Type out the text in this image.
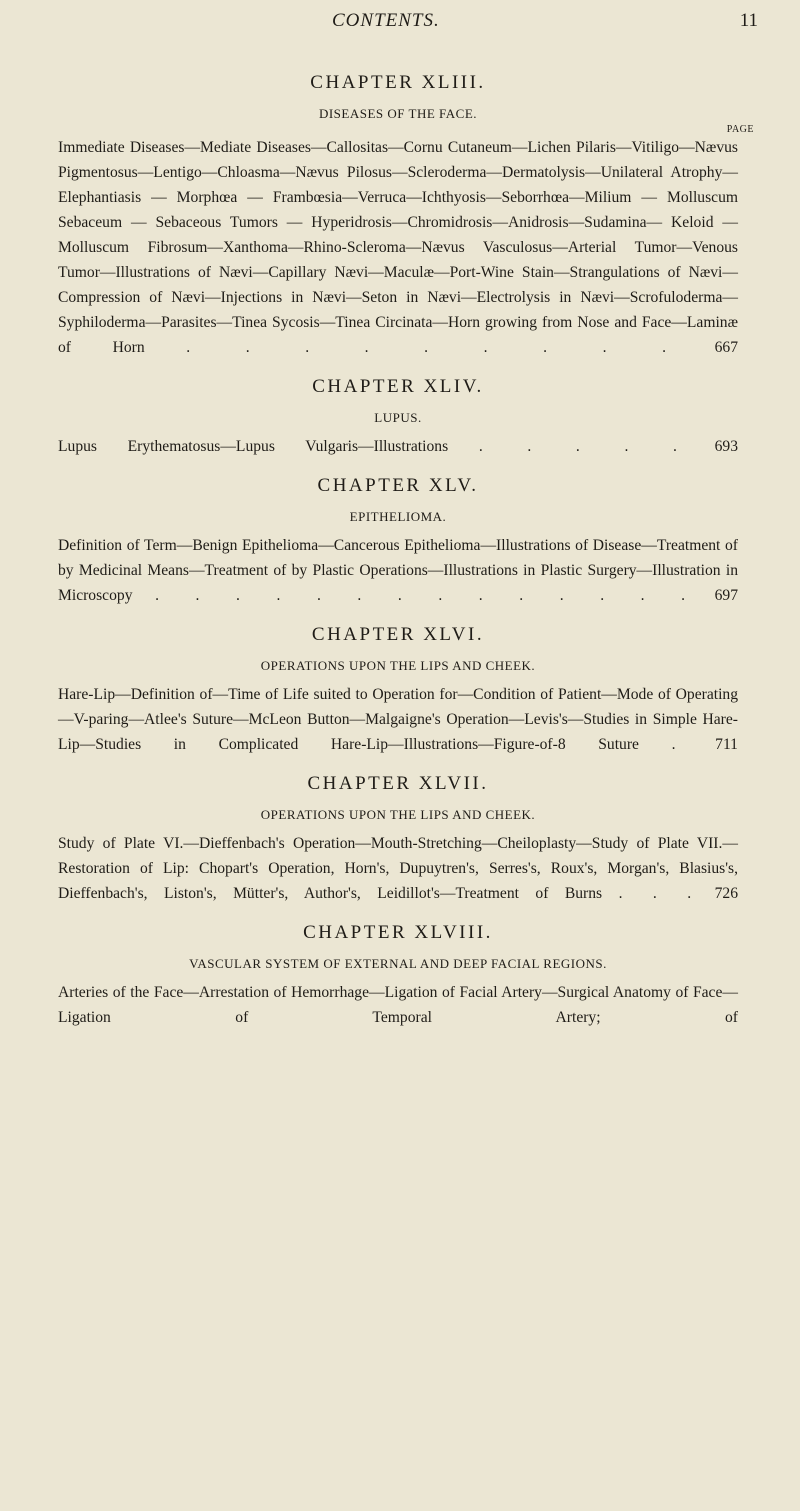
CONTENTS.	11
CHAPTER XLIII.
DISEASES OF THE FACE.
PAGE

Immediate Diseases—Mediate Diseases—Callositas—Cornu Cutaneum—Lichen Pilaris—Vitiligo—Nævus Pigmentosus—Lentigo—Chloasma—Nævus Pilosus—Scleroderma—Dermatolysis—Unilateral Atrophy—Elephantiasis — Morphœa — Frambœsia—Verruca—Ichthyosis—Seborrhœa—Milium — Molluscum Sebaceum — Sebaceous Tumors — Hyperidrosis—Chromidrosis—Anidrosis—Sudamina— Keloid — Molluscum Fibrosum—Xanthoma—Rhino-Scleroma—Nævus Vasculosus—Arterial Tumor—Venous Tumor—Illustrations of Nævi—Capillary Nævi—Maculæ—Port-Wine Stain—Strangulations of Nævi—Compression of Nævi—Injections in Nævi—Seton in Nævi—Electrolysis in Nævi—Scrofuloderma—Syphiloderma—Parasites—Tinea Sycosis—Tinea Circinata—Horn growing from Nose and Face—Laminæ of Horn	. . . . . . . . .	667

CHAPTER XLIV.
LUPUS.

Lupus Erythematosus—Lupus Vulgaris—Illustrations . . . . . 693

CHAPTER XLV.
EPITHELIOMA.

Definition of Term—Benign Epithelioma—Cancerous Epithelioma—Illustrations of Disease—Treatment of by Medicinal Means—Treatment of by Plastic Operations—Illustrations in Plastic Surgery—Illustration in Microscopy . . . . . . . . . . . . . . 697

CHAPTER XLVI.
OPERATIONS UPON THE LIPS AND CHEEK.

Hare-Lip—Definition of—Time of Life suited to Operation for—Condition of Patient—Mode of Operating—V-paring—Atlee's Suture—McLeon Button—Malgaigne's Operation—Levis's—Studies in Simple Hare-Lip—Studies in Complicated Hare-Lip—Illustrations—Figure-of-8 Suture . 711

CHAPTER XLVII.
OPERATIONS UPON THE LIPS AND CHEEK.

Study of Plate VI.—Dieffenbach's Operation—Mouth-Stretching—Cheiloplasty—Study of Plate VII.—Restoration of Lip: Chopart's Operation, Horn's, Dupuytren's, Serres's, Roux's, Morgan's, Blasius's, Dieffenbach's, Liston's, Mütter's, Author's, Leidillot's—Treatment of Burns . . . 726

CHAPTER XLVIII.
VASCULAR SYSTEM OF EXTERNAL AND DEEP FACIAL REGIONS.

Arteries of the Face—Arrestation of Hemorrhage—Ligation of Facial Artery—Surgical Anatomy of Face—Ligation of Temporal Artery; of
